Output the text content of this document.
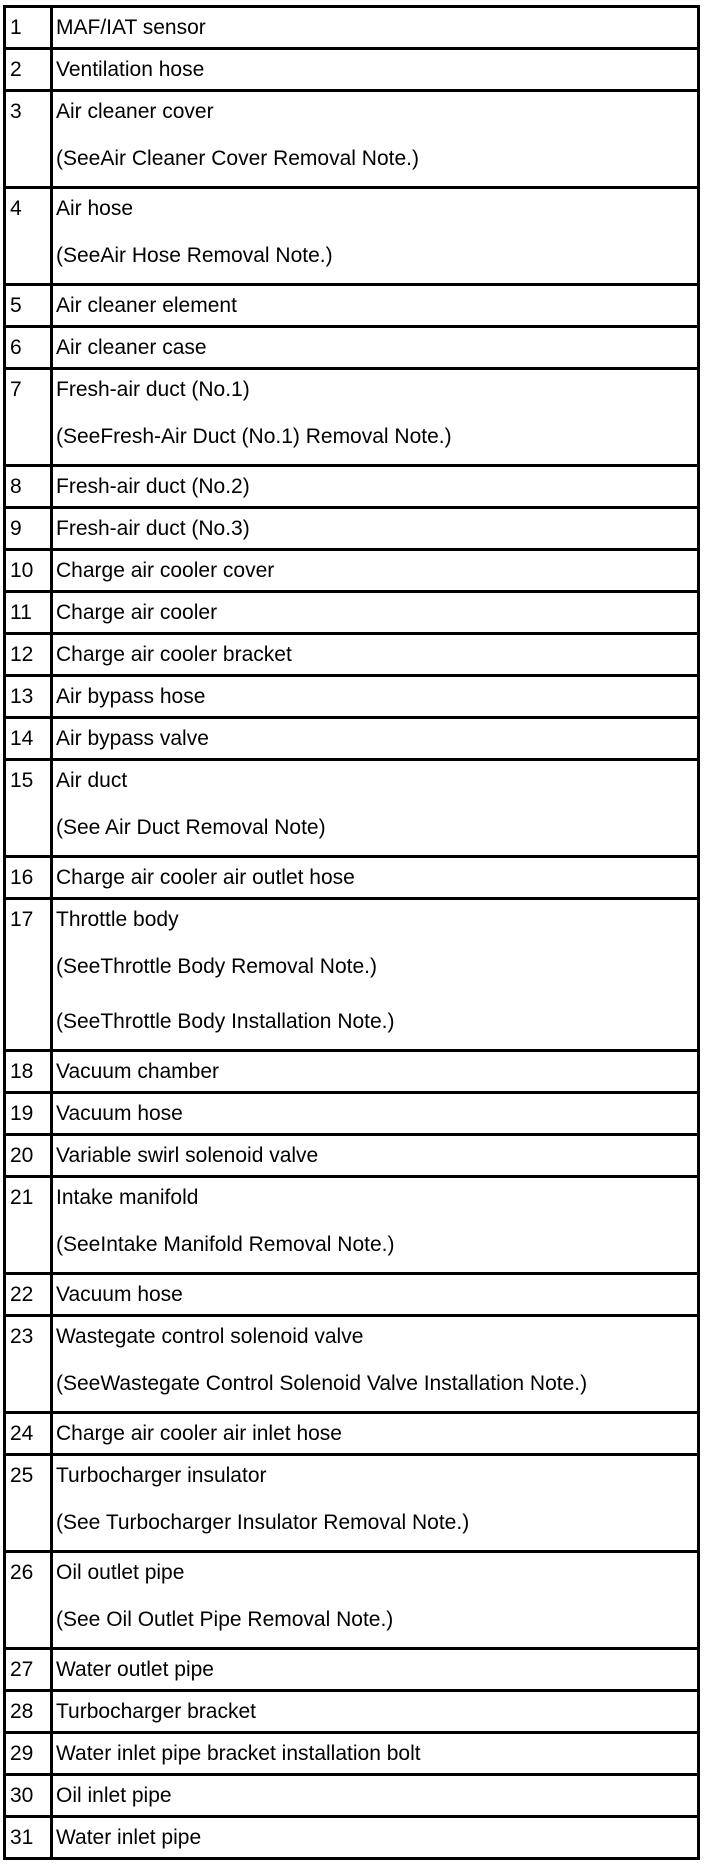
1	MAF/IAT sensor

2	Ventilation hose

3	Air cleaner cover
(SeeAir Cleaner Cover Removal Note.)

4	Air hose
(SeeAir Hose Removal Note.)

5	Air cleaner element

6	Air cleaner case

7	Fresh-air duct (No.1)
(SeeFresh-Air Duct (No.1) Removal Note.)

8	Fresh-air duct (No.2)

9	Fresh-air duct (No.3)

10	Charge air cooler cover

11	Charge air cooler

12	Charge air cooler bracket

13	Air bypass hose

14	Air bypass valve

15	Air duct
(See Air Duct Removal Note)

16	Charge air cooler air outlet hose

17	Throttle body
(SeeThrottle Body Removal Note.)
(SeeThrottle Body Installation Note.)

18	Vacuum chamber

19	Vacuum hose

20	Variable swirl solenoid valve

21	Intake manifold
(SeeIntake Manifold Removal Note.)

22	Vacuum hose

23	Wastegate control solenoid valve
(SeeWastegate Control Solenoid Valve Installation Note.)

24	Charge air cooler air inlet hose

25	Turbocharger insulator
(See Turbocharger Insulator Removal Note.)

26	Oil outlet pipe
(See Oil Outlet Pipe Removal Note.)

27	Water outlet pipe

28	Turbocharger bracket

29	Water inlet pipe bracket installation bolt

30	Oil inlet pipe

31	Water inlet pipe
